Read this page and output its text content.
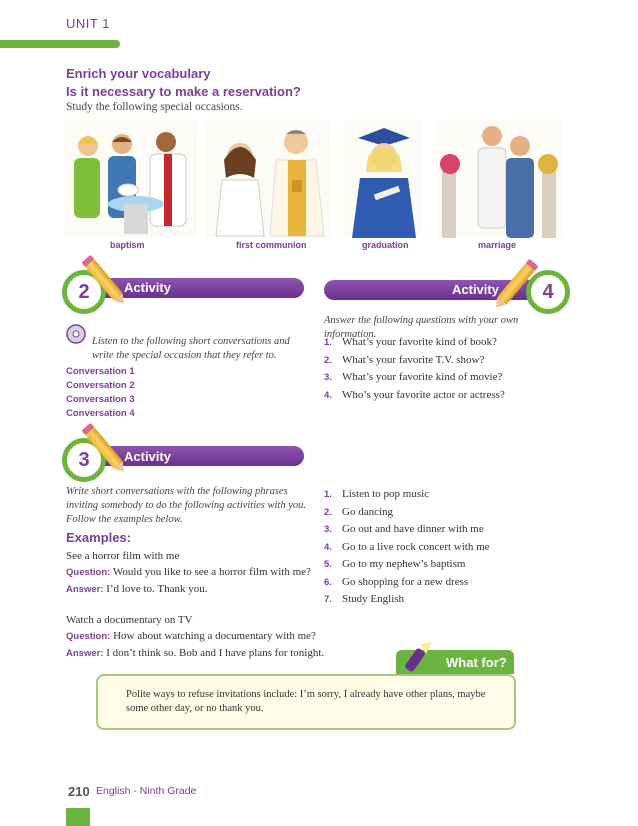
UNIT 1
Enrich your vocabulary
Is it necessary to make a reservation?
Study the following special occasions.
baptism	first communion	graduation	marriage
Activity
2	Activity	4
Listen to the following short conversations and write the special occasion that they refer to.
Conversation 1
Conversation 2
Conversation 3
Conversation 4
Answer the following questions with your own information.
1. What’s your favorite kind of book?
2. What’s your favorite T.V. show?
3. What’s your favorite kind of movie?
4. Who’s your favorite actor or actress?
Activity
3
Write short conversations with the following phrases inviting somebody to do the following activities with you. Follow the examples below.
Examples:
See a horror film with me
Question: Would you like to see a horror film with me?
Answer: I’d love to. Thank you.
Watch a documentary on TV
Question: How about watching a documentary with me?
Answer: I don’t think so. Bob and I have plans for tonight.
1. Listen to pop music
2. Go dancing
3. Go out and have dinner with me
4. Go to a live rock concert with me
5. Go to my nephew’s baptism
6. Go shopping for a new dress
7. Study English
What for?
Polite ways to refuse invitations include: I’m sorry, I already have other plans, maybe some other day, or no thank you.
210 English - Ninth Grade
